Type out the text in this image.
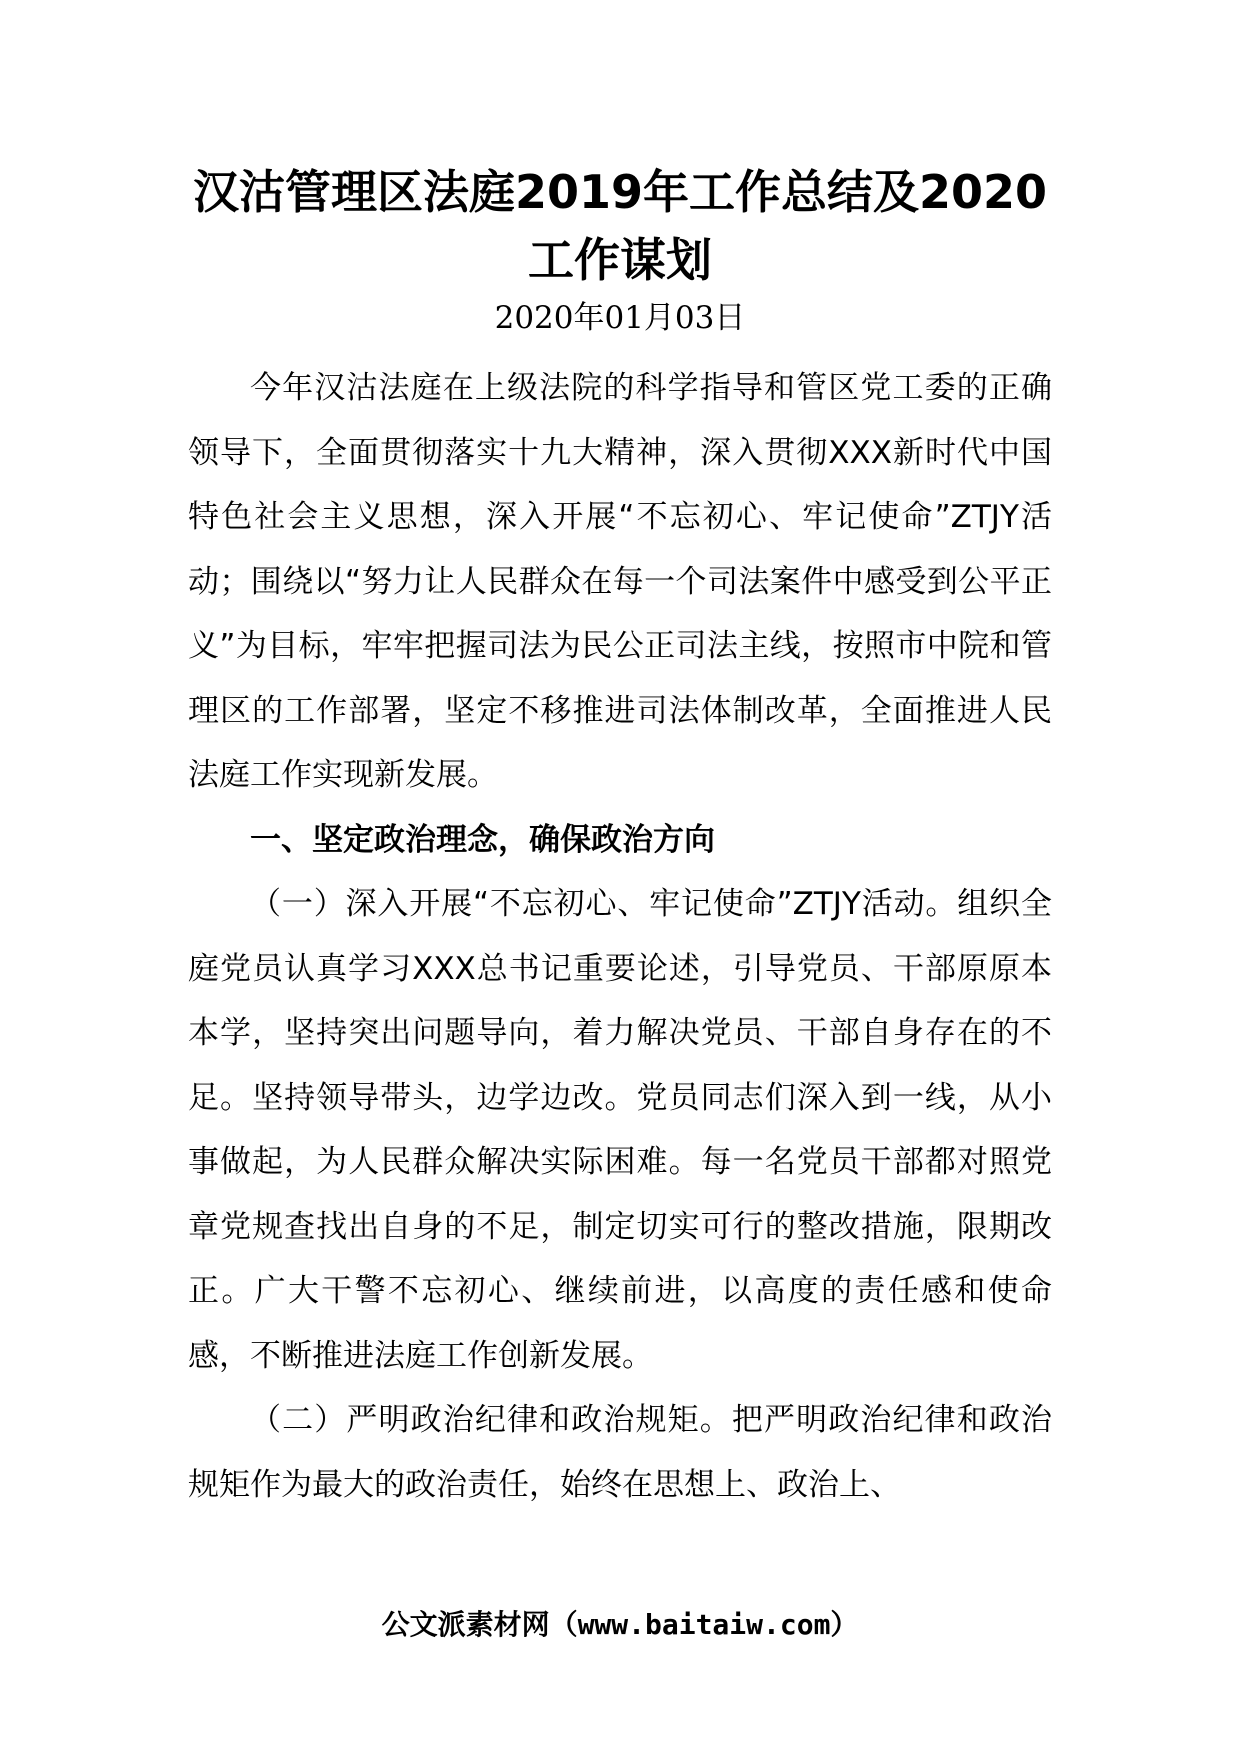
汉沽管理区法庭2019年工作总结及2020工作谋划

2020年01月03日

今年汉沽法庭在上级法院的科学指导和管区党工委的正确领导下，全面贯彻落实十九大精神，深入贯彻XXX新时代中国特色社会主义思想，深入开展“不忘初心、牢记使命”ZTJY活动；围绕以“努力让人民群众在每一个司法案件中感受到公平正义”为目标，牢牢把握司法为民公正司法主线，按照市中院和管理区的工作部署，坚定不移推进司法体制改革，全面推进人民法庭工作实现新发展。

一、坚定政治理念，确保政治方向

（一）深入开展“不忘初心、牢记使命”ZTJY活动。组织全庭党员认真学习XXX总书记重要论述，引导党员、干部原原本本学，坚持突出问题导向，着力解决党员、干部自身存在的不足。坚持领导带头，边学边改。党员同志们深入到一线，从小事做起，为人民群众解决实际困难。每一名党员干部都对照党章党规查找出自身的不足，制定切实可行的整改措施，限期改正。广大干警不忘初心、继续前进，以高度的责任感和使命感，不断推进法庭工作创新发展。

（二）严明政治纪律和政治规矩。把严明政治纪律和政治规矩作为最大的政治责任，始终在思想上、政治上、

公文派素材网（www.baitaiw.com）
